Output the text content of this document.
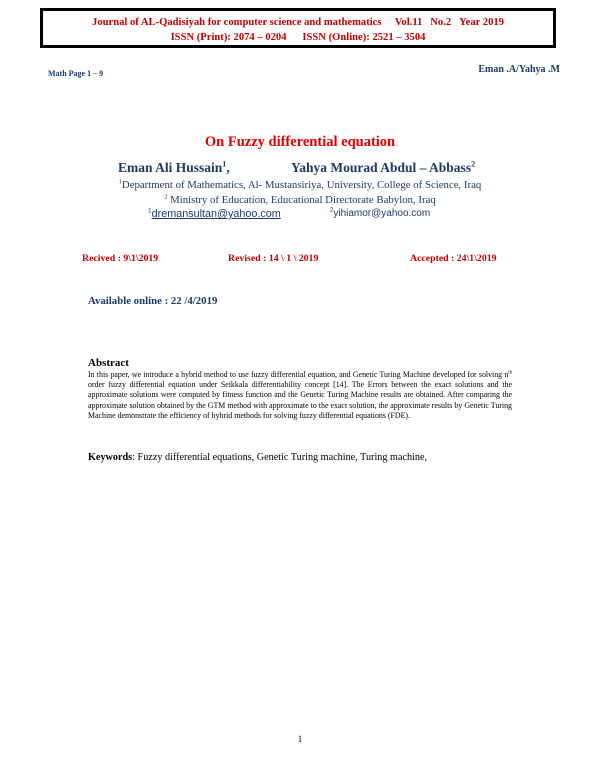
Journal of AL-Qadisiyah for computer science and mathematics Vol.11 No.2 Year 2019
ISSN (Print): 2074 – 0204 ISSN (Online): 2521 – 3504
Math Page 1 – 9	Eman .A/Yahya .M
On Fuzzy differential equation
Eman Ali Hussain$^1$,	Yahya Mourad Abdul – Abbass$^2$
$^1$Department of Mathematics, Al- Mustansiriya, University, College of Science, Iraq
$^2$ Ministry of Education, Educational Directorate Babylon, Iraq
$^1$dremansultan@yahoo.com	$^2$yihiamor@yahoo.com
Recived : 9\1\2019	Revised : 14 \ 1 \ 2019	Accepted : 24\1\2019
Available online : 22 /4/2019
Abstract
In this paper, we introduce a hybrid method to use fuzzy differential equation, and Genetic Turing Machine developed for solving $n^{th}$ order fuzzy differential equation under Seikkala differentiability concept [14]. The Errors between the exact solutions and the approximate solutions were computed by fitness function and the Genetic Turing Machine results are obtained. After comparing the approximate solution obtained by the GTM method with approximate to the exact solution, the approximate results by Genetic Turing Machine demonstrate the efficiency of hybrid methods for solving fuzzy differential equations (FDE).
Keywords: Fuzzy differential equations, Genetic Turing machine, Turing machine,
1
